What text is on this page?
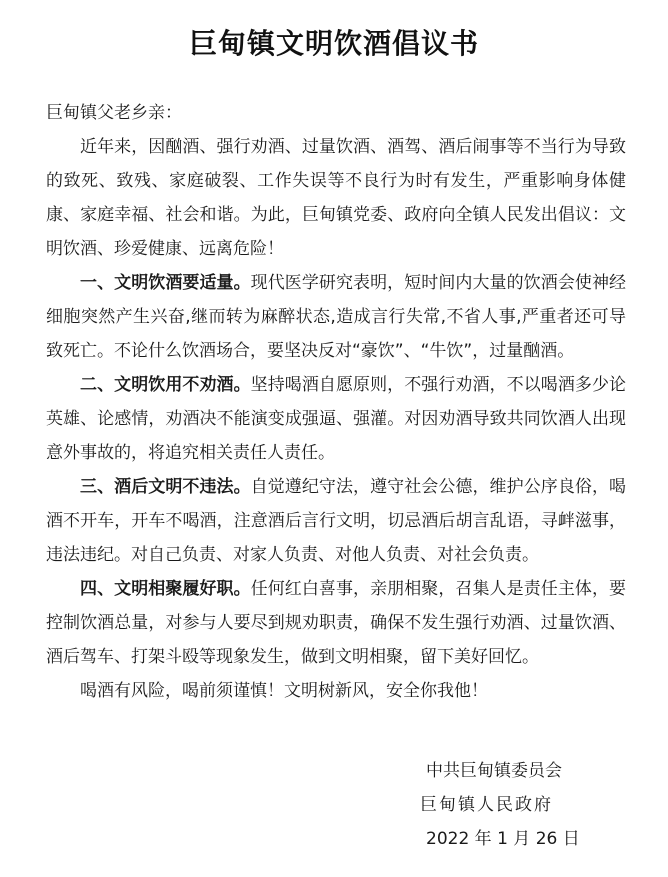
巨甸镇文明饮酒倡议书

巨甸镇父老乡亲：

近年来，因酗酒、强行劝酒、过量饮酒、酒驾、酒后闹事等不当行为导致的致死、致残、家庭破裂、工作失误等不良行为时有发生，严重影响身体健康、家庭幸福、社会和谐。为此，巨甸镇党委、政府向全镇人民发出倡议：文明饮酒、珍爱健康、远离危险！

一、文明饮酒要适量。现代医学研究表明，短时间内大量的饮酒会使神经细胞突然产生兴奋,继而转为麻醉状态,造成言行失常,不省人事,严重者还可导致死亡。不论什么饮酒场合，要坚决反对“豪饮”、“牛饮”，过量酗酒。

二、文明饮用不劝酒。坚持喝酒自愿原则，不强行劝酒，不以喝酒多少论英雄、论感情，劝酒决不能演变成强逼、强灌。对因劝酒导致共同饮酒人出现意外事故的，将追究相关责任人责任。

三、酒后文明不违法。自觉遵纪守法，遵守社会公德，维护公序良俗，喝酒不开车，开车不喝酒，注意酒后言行文明，切忌酒后胡言乱语，寻衅滋事，违法违纪。对自己负责、对家人负责、对他人负责、对社会负责。

四、文明相聚履好职。任何红白喜事，亲朋相聚，召集人是责任主体，要控制饮酒总量，对参与人要尽到规劝职责，确保不发生强行劝酒、过量饮酒、酒后驾车、打架斗殴等现象发生，做到文明相聚，留下美好回忆。

喝酒有风险，喝前须谨慎！文明树新风，安全你我他！

中共巨甸镇委员会
巨甸镇人民政府
2022 年 1 月 26 日
